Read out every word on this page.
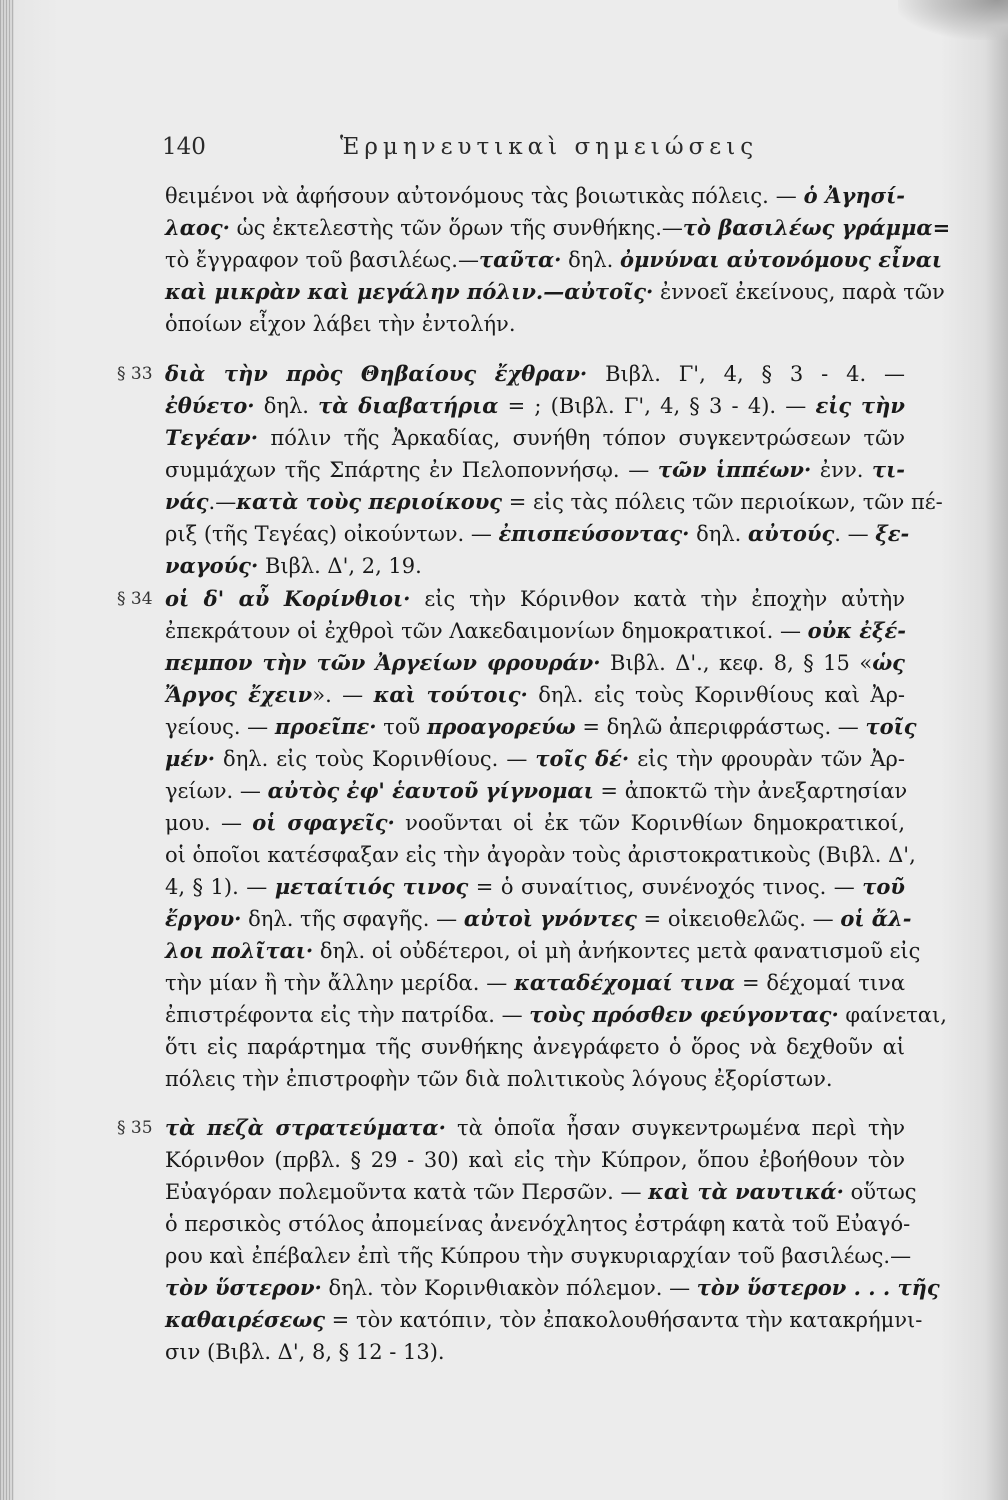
140	Ἑρμηνευτικαὶ σημειώσεις
θειμένοι νὰ ἀφήσουν αὐτονόμους τὰς βοιωτικὰς πόλεις. — ὁ Ἀγησί-
λαος· ὡς ἐκτελεστὴς τῶν ὅρων τῆς συνθήκης.—τὸ βασιλέως γράμμα=
τὸ ἔγγραφον τοῦ βασιλέως.—ταῦτα· δηλ. ὀμνύναι αὐτονόμους εἶναι
καὶ μικρὰν καὶ μεγάλην πόλιν.—αὐτοῖς· ἐννοεῖ ἐκείνους, παρὰ τῶν
ὁποίων εἶχον λάβει τὴν ἐντολήν.
διὰ τὴν πρὸς Θηβαίους ἔχθραν· Βιβλ. Γ', 4, § 3 - 4. —
ἐθύετο· δηλ. τὰ διαβατήρια = ; (Βιβλ. Γ', 4, § 3 - 4). — εἰς τὴν
Τεγέαν· πόλιν τῆς Ἀρκαδίας, συνήθη τόπον συγκεντρώσεων τῶν
συμμάχων τῆς Σπάρτης ἐν Πελοποννήσῳ. — τῶν ἱππέων· ἐνν. τι-
νάς.—κατὰ τοὺς περιοίκους = εἰς τὰς πόλεις τῶν περιοίκων, τῶν πέ-
ριξ (τῆς Τεγέας) οἰκούντων. — ἐπισπεύσοντας· δηλ. αὐτούς. — ξε-
ναγούς· Βιβλ. Δ', 2, 19.
οἱ δ' αὖ Κορίνθιοι· εἰς τὴν Κόρινθον κατὰ τὴν ἐποχὴν αὐτὴν
ἐπεκράτουν οἱ ἐχθροὶ τῶν Λακεδαιμονίων δημοκρατικοί. — οὐκ ἐξέ-
πεμπον τὴν τῶν Ἀργείων φρουράν· Βιβλ. Δ'., κεφ. 8, § 15 «ὡς
Ἄργος ἔχειν». — καὶ τούτοις· δηλ. εἰς τοὺς Κορινθίους καὶ Ἀρ-
γείους. — προεῖπε· τοῦ προαγορεύω = δηλῶ ἀπεριφράστως. — τοῖς
μέν· δηλ. εἰς τοὺς Κορινθίους. — τοῖς δέ· εἰς τὴν φρουρὰν τῶν Ἀρ-
γείων. — αὐτὸς ἐφ' ἑαυτοῦ γίγνομαι = ἀποκτῶ τὴν ἀνεξαρτησίαν
μου. — οἱ σφαγεῖς· νοοῦνται οἱ ἐκ τῶν Κορινθίων δημοκρατικοί,
οἱ ὁποῖοι κατέσφαξαν εἰς τὴν ἀγορὰν τοὺς ἀριστοκρατικοὺς (Βιβλ. Δ',
4, § 1). — μεταίτιός τινος = ὁ συναίτιος, συνένοχός τινος. — τοῦ
ἔργου· δηλ. τῆς σφαγῆς. — αὐτοὶ γνόντες = οἰκειοθελῶς. — οἱ ἄλ-
λοι πολῖται· δηλ. οἱ οὐδέτεροι, οἱ μὴ ἀνήκοντες μετὰ φανατισμοῦ εἰς
τὴν μίαν ἢ τὴν ἄλλην μερίδα. — καταδέχομαί τινα = δέχομαί τινα
ἐπιστρέφοντα εἰς τὴν πατρίδα. — τοὺς πρόσθεν φεύγοντας· φαίνεται,
ὅτι εἰς παράρτημα τῆς συνθήκης ἀνεγράφετο ὁ ὅρος νὰ δεχθοῦν αἱ
πόλεις τὴν ἐπιστροφὴν τῶν διὰ πολιτικοὺς λόγους ἐξορίστων.
τὰ πεζὰ στρατεύματα· τὰ ὁποῖα ἦσαν συγκεντρωμένα περὶ τὴν
Κόρινθον (πρβλ. § 29 - 30) καὶ εἰς τὴν Κύπρον, ὅπου ἐβοήθουν τὸν
Εὐαγόραν πολεμοῦντα κατὰ τῶν Περσῶν. — καὶ τὰ ναυτικά· οὕτως
ὁ περσικὸς στόλος ἀπομείνας ἀνενόχλητος ἐστράφη κατὰ τοῦ Εὐαγό-
ρου καὶ ἐπέβαλεν ἐπὶ τῆς Κύπρου τὴν συγκυριαρχίαν τοῦ βασιλέως.—
τὸν ὕστερον· δηλ. τὸν Κορινθιακὸν πόλεμον. — τὸν ὕστερον . . . τῆς
καθαιρέσεως = τὸν κατόπιν, τὸν ἐπακολουθήσαντα τὴν κατακρήμνι-
σιν (Βιβλ. Δ', 8, § 12 - 13).
§ 33
§ 34
§ 35
